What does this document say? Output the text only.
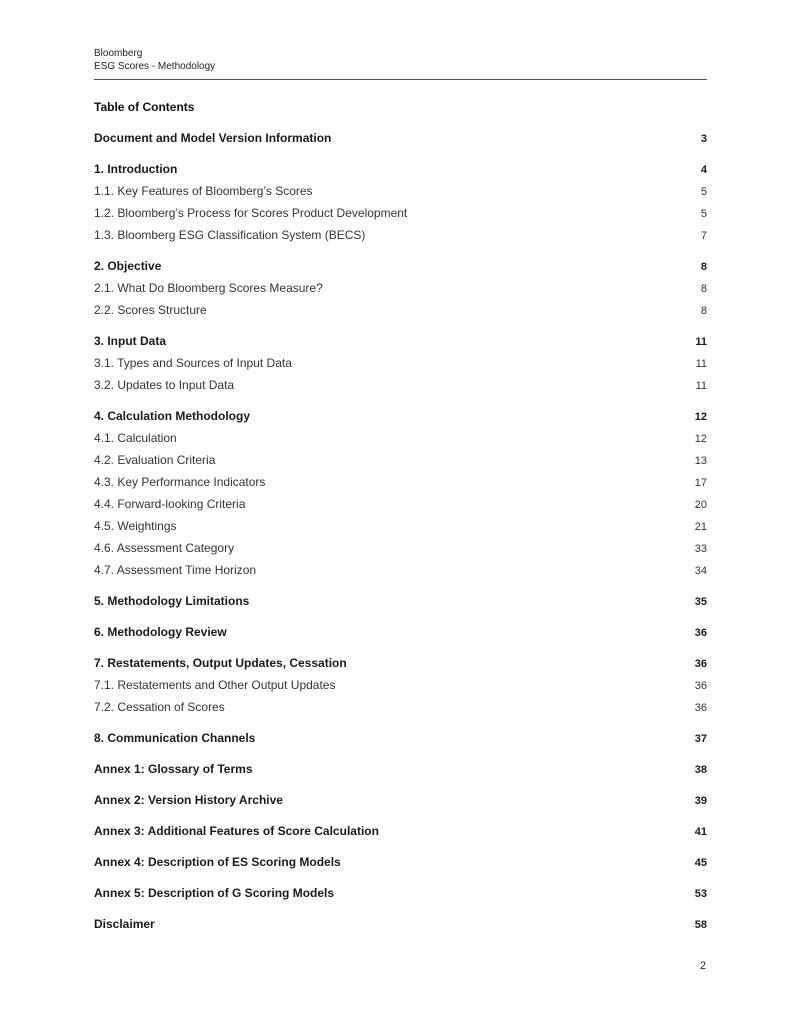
Bloomberg
ESG Scores - Methodology
Table of Contents
Document and Model Version Information	3
1. Introduction	4
1.1. Key Features of Bloomberg’s Scores	5
1.2. Bloomberg’s Process for Scores Product Development	5
1.3. Bloomberg ESG Classification System (BECS)	7
2. Objective	8
2.1. What Do Bloomberg Scores Measure?	8
2.2. Scores Structure	8
3. Input Data	11
3.1. Types and Sources of Input Data	11
3.2. Updates to Input Data	11
4. Calculation Methodology	12
4.1. Calculation	12
4.2. Evaluation Criteria	13
4.3. Key Performance Indicators	17
4.4. Forward-looking Criteria	20
4.5. Weightings	21
4.6. Assessment Category	33
4.7. Assessment Time Horizon	34
5. Methodology Limitations	35
6. Methodology Review	36
7. Restatements, Output Updates, Cessation	36
7.1. Restatements and Other Output Updates	36
7.2. Cessation of Scores	36
8. Communication Channels	37
Annex 1: Glossary of Terms	38
Annex 2: Version History Archive	39
Annex 3: Additional Features of Score Calculation	41
Annex 4: Description of ES Scoring Models	45
Annex 5: Description of G Scoring Models	53
Disclaimer	58
2
